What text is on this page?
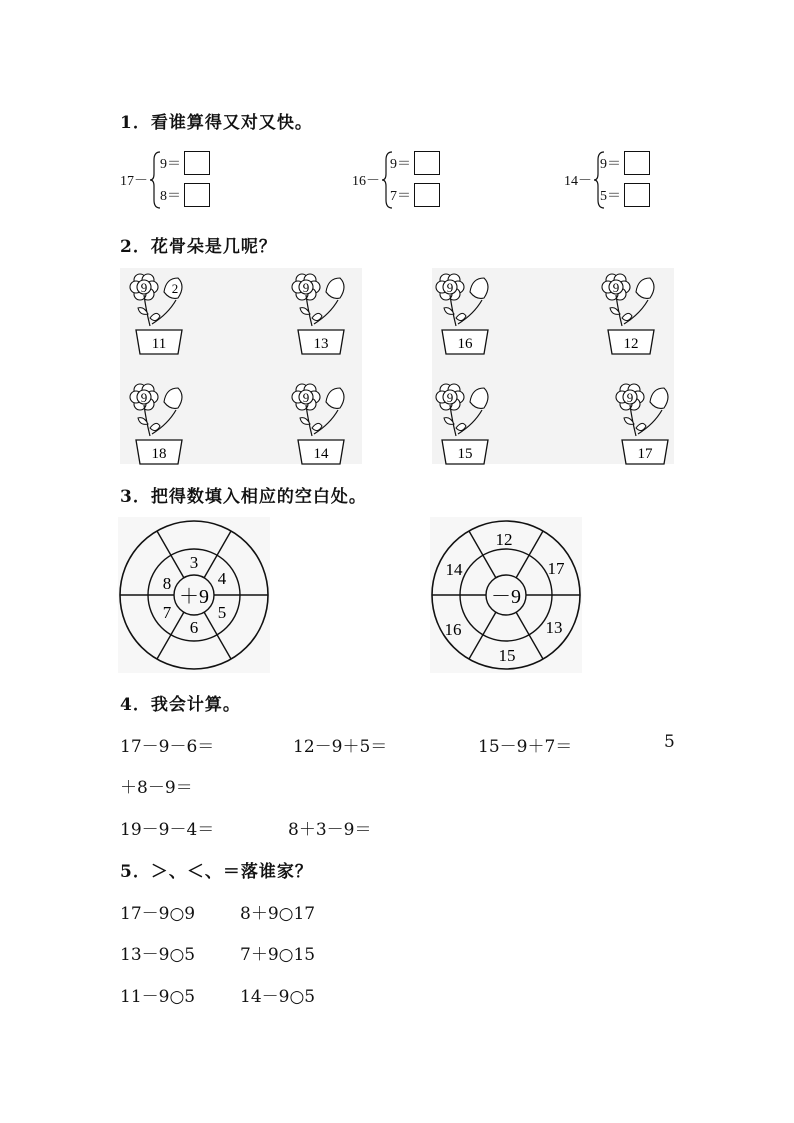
1．看谁算得又对又快。
17－
9＝
8＝
16－
9＝
7＝
14－
9＝
5＝
2．花骨朵是几呢？
9 2
11
9
13
9
18
9
14
9
16
9
12
9
15
9
17
3．把得数填入相应的空白处。
＋9
3
4
5
6
7
8
－9
12
17
13
15
16
14
4．我会计算。
17－9－6＝	12－9＋5＝	15－9＋7＝	5
＋8－9＝
19－9－4＝	8＋3－9＝
5．＞、＜、＝落谁家？
17－9○9	8＋9○17
13－9○5	7＋9○15
11－9○5	14－9○5
